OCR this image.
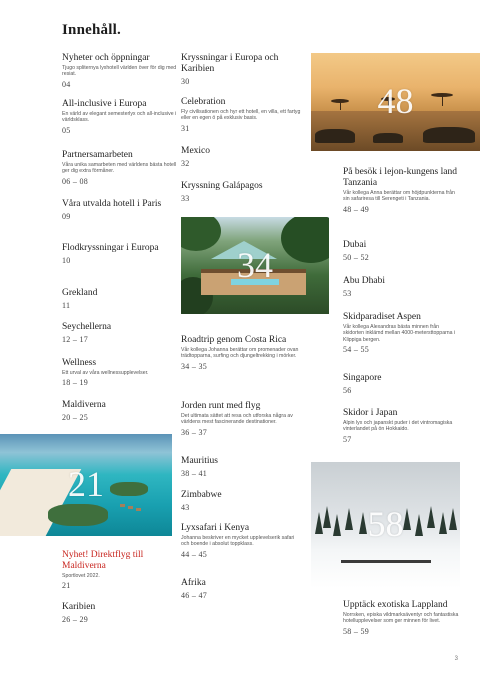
Innehåll.
Nyheter och öppningar
Tjugo spliternya lyxhotell världen över för dig med resiat.
04
All-inclusive i Europa
En värld av elegant semesterlyx och all-inclusive i världsklass.
05
Partnersamarbeten
Våra unika samarbeten med världens bästa hotell ger dig extra förmåner.
06 – 08
Våra utvalda hotell i Paris
09
Flodkryssningar i Europa
10
Grekland
11
Seychellerna
12 – 17
Wellness
Ett urval av våra wellnessupplevelser.
18 – 19
Maldiverna
20 – 25
Nyhet! Direktflyg till Maldiverna
Sportlovet 2022.
21
Karibien
26 – 29
Kryssningar i Europa och Karibien
30
Celebration
Fly civilisationen och hyr ett hotell, en villa, ett fartyg eller en egen ö på exklusiv basis.
31
Mexico
32
Kryssning Galápagos
33
Roadtrip genom Costa Rica
Vår kollega Johanna berättar om promenader ovan trädtopparna, surfing och djungeltrekking i mörker.
34 – 35
Jorden runt med flyg
Det ultimata sättet att resa och utforska några av världens mest fascinerande destinationer.
36 – 37
Mauritius
38 – 41
Zimbabwe
43
Lyxsafari i Kenya
Johanna beskriver en mycket upplevelserik safari och boende i absolut toppklass.
44 – 45
Afrika
46 – 47
På besök i lejon-kungens land Tanzania
Vår kollega Anna berättar om höjdpunkterna från sin safariresa till Serengeti i Tanzania.
48 – 49
Dubai
50 – 52
Abu Dhabi
53
Skidparadiset Aspen
Vår kollega Alexandras bästa minnen från skidorten inklämd mellan 4000-metersttopparna i Klippiga bergen.
54 – 55
Singapore
56
Skidor i Japan
Alpin lyx och japanskt puder i det vintromagiska vinterlandet på ön Hokkaido.
57
Upptäck exotiska Lappland
Norrsken, episka vildmarksäventyr och fantastiska hotellupplevelser som ger minnen för livet.
58 – 59
48
34
21
58
3
